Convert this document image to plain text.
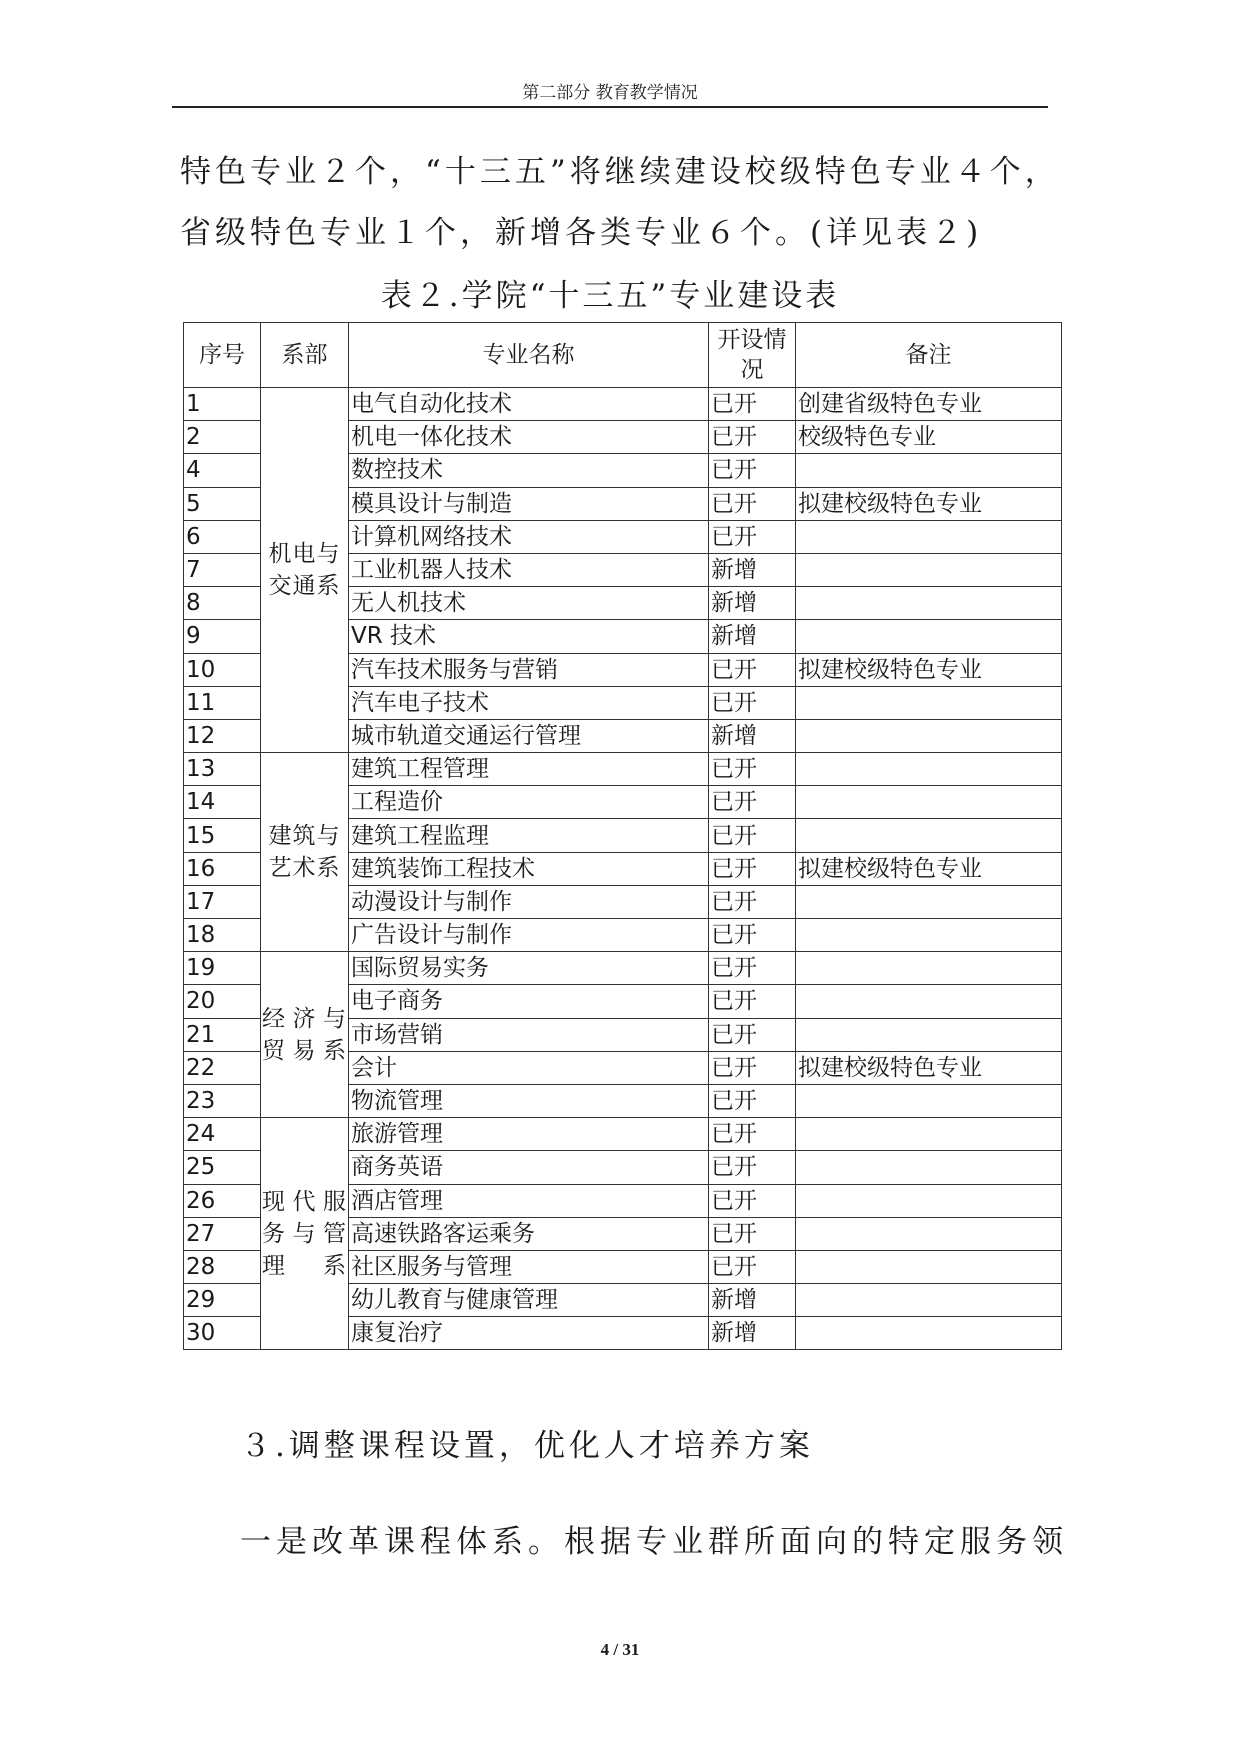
第二部分 教育教学情况
特色专业２个，“十三五”将继续建设校级特色专业４个，
省级特色专业１个，新增各类专业６个。(详见表２)
表２.学院“十三五”专业建设表
序号	系部	专业名称	开设情况	备注
1	机电与交通系	电气自动化技术	已开	创建省级特色专业
2		机电一体化技术	已开	校级特色专业
4		数控技术	已开	
5		模具设计与制造	已开	拟建校级特色专业
6		计算机网络技术	已开	
7		工业机器人技术	新增	
8		无人机技术	新增	
9		VR 技术	新增	
10		汽车技术服务与营销	已开	拟建校级特色专业
11		汽车电子技术	已开	
12		城市轨道交通运行管理	新增	
13	建筑与艺术系	建筑工程管理	已开	
14		工程造价	已开	
15		建筑工程监理	已开	
16		建筑装饰工程技术	已开	拟建校级特色专业
17		动漫设计与制作	已开	
18		广告设计与制作	已开	
19	经济与贸易系	国际贸易实务	已开	
20		电子商务	已开	
21		市场营销	已开	
22		会计	已开	拟建校级特色专业
23		物流管理	已开	
24	现代服务与管理系	旅游管理	已开	
25		商务英语	已开	
26		酒店管理	已开	
27		高速铁路客运乘务	已开	
28		社区服务与管理	已开	
29		幼儿教育与健康管理	新增	
30		康复治疗	新增	
３.调整课程设置，优化人才培养方案
一是改革课程体系。根据专业群所面向的特定服务领
4 / 31
